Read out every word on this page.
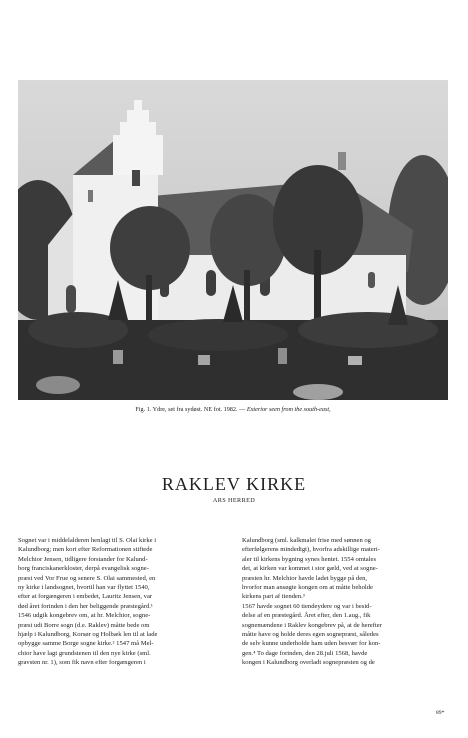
Fig. 1. Ydre, set fra sydøst. NE fot. 1982. — Exterior seen from the south-east,
RAKLEV KIRKE
ARS HERRED

Sognet var i middelalderen henlagt til S. Olai kirke i
Kalundborg; men kort efter Reformationen stiftede
Melchior Jensen, tidligere forstander for Kalund-
borg franciskanerkloster, derpå evangelisk sogne-
præst ved Vor Frue og senere S. Olai sammested, en
ny kirke i landsognet, hvortil han var flyttet 1540,
efter at forgængeren i embedet, Lauritz Jensen, var
død året forinden i den her beliggende præstegård.¹
1546 udgik kongebrev om, at hr. Melchior, sogne-
præst udi Borre sogn (d.e. Raklev) måtte bede om
hjælp i Kalundborg, Korsør og Holbæk len til at lade
opbygge samme Borge sogne kirke.² 1547 må Mel-
chior have lagt grundstenen til den nye kirke (sml.
gravsten nr. 1), som fik navn efter forgængeren i

Kalundborg (sml. kalkmalet frise med sønnen og
efterfølgerens mindedigt), hvorfra adskillige materi-
aler til kirkens bygning synes hentet. 1554 omtales
det, at kirken var kommet i stor gæld, ved at sogne-
præsten hr. Melchior havde ladet bygge på den,
hvorfor man ansøgte kongen om at måtte beholde
kirkens part af tienden.³
1567 havde sognet 60 tiendeydere og var i besid-
delse af en præstegård. Året efter, den 1.aug., fik
sognemændene i Raklev kongebrev på, at de herefter
måtte have og holde deres egen sognepræst, således
de selv kunne underholde ham uden besvær for kon-
gen.⁴ To dage forinden, den 28.juli 1568, havde
kongen i Kalundborg overladt sognepræsten og de

89*
